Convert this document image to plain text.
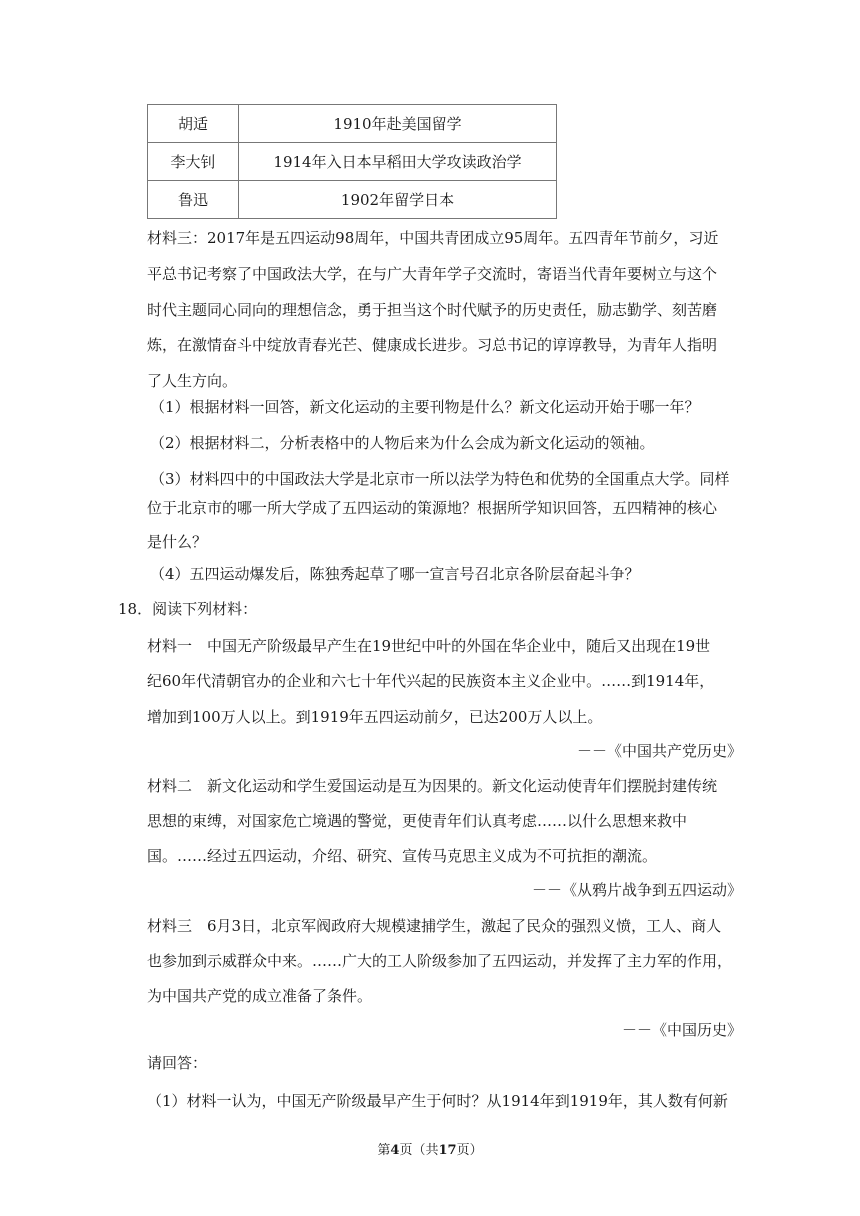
胡适	1910年赴美国留学
李大钊	1914年入日本早稻田大学攻读政治学
鲁迅	1902年留学日本
材料三：2017年是五四运动98周年，中国共青团成立95周年。五四青年节前夕，习近
平总书记考察了中国政法大学，在与广大青年学子交流时，寄语当代青年要树立与这个
时代主题同心同向的理想信念，勇于担当这个时代赋予的历史责任，励志勤学、刻苦磨
炼，在激情奋斗中绽放青春光芒、健康成长进步。习总书记的谆谆教导，为青年人指明
了人生方向。
（1）根据材料一回答，新文化运动的主要刊物是什么？新文化运动开始于哪一年？
（2）根据材料二，分析表格中的人物后来为什么会成为新文化运动的领袖。
（3）材料四中的中国政法大学是北京市一所以法学为特色和优势的全国重点大学。同样
位于北京市的哪一所大学成了五四运动的策源地？根据所学知识回答，五四精神的核心
是什么？
（4）五四运动爆发后，陈独秀起草了哪一宣言号召北京各阶层奋起斗争？
18．阅读下列材料：
材料一　中国无产阶级最早产生在19世纪中叶的外国在华企业中，随后又出现在19世
纪60年代清朝官办的企业和六七十年代兴起的民族资本主义企业中。……到1914年，
增加到100万人以上。到1919年五四运动前夕，已达200万人以上。
－－《中国共产党历史》
材料二　新文化运动和学生爱国运动是互为因果的。新文化运动使青年们摆脱封建传统
思想的束缚，对国家危亡境遇的警觉，更使青年们认真考虑……以什么思想来救中
国。……经过五四运动，介绍、研究、宣传马克思主义成为不可抗拒的潮流。
－－《从鸦片战争到五四运动》
材料三　6月3日，北京军阀政府大规模逮捕学生，激起了民众的强烈义愤，工人、商人
也参加到示威群众中来。……广大的工人阶级参加了五四运动，并发挥了主力军的作用，
为中国共产党的成立准备了条件。
－－《中国历史》
请回答：
（1）材料一认为，中国无产阶级最早产生于何时？从1914年到1919年，其人数有何新
第4页（共17页）
